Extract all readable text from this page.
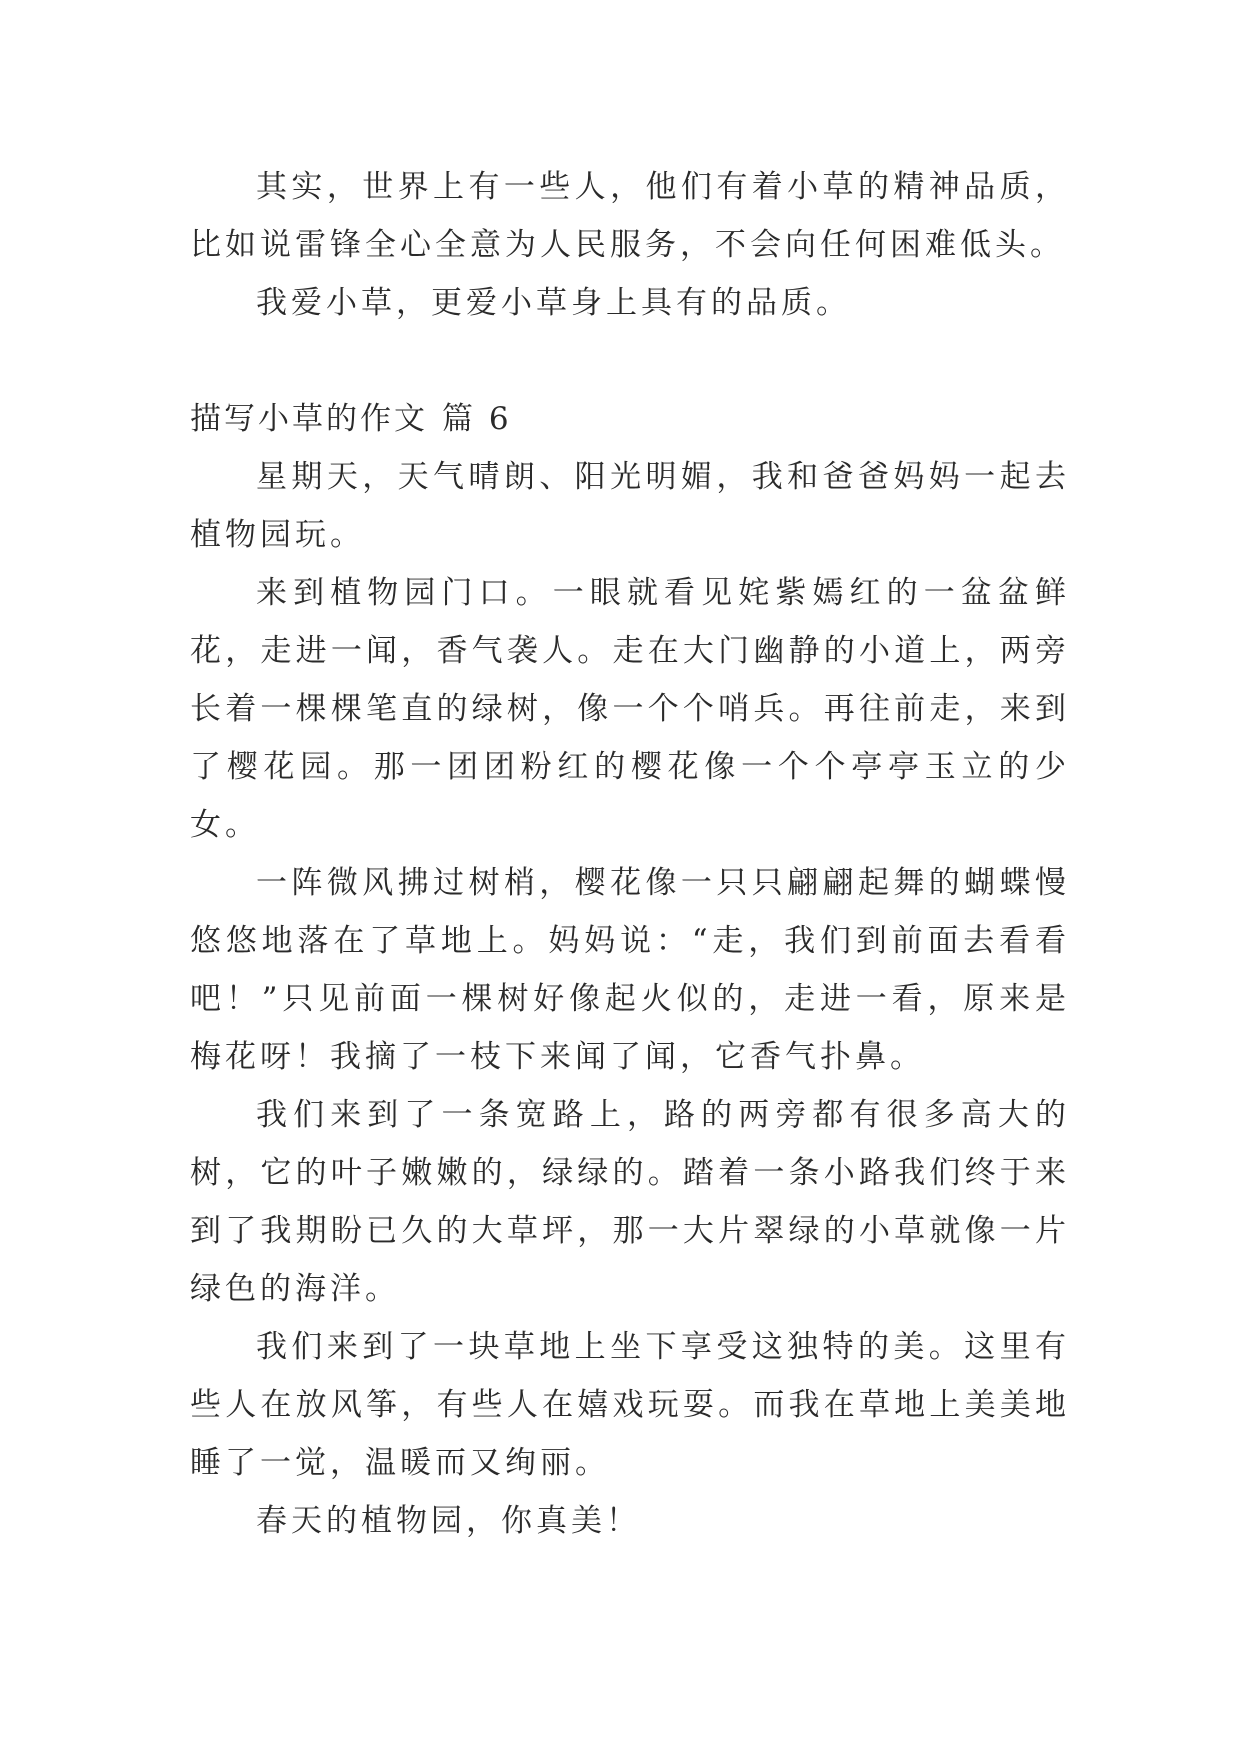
其实，世界上有一些人，他们有着小草的精神品质，比如说雷锋全心全意为人民服务，不会向任何困难低头。

我爱小草，更爱小草身上具有的品质。

描写小草的作文 篇 6

星期天，天气晴朗、阳光明媚，我和爸爸妈妈一起去植物园玩。

来到植物园门口。一眼就看见姹紫嫣红的一盆盆鲜花，走进一闻，香气袭人。走在大门幽静的小道上，两旁长着一棵棵笔直的绿树，像一个个哨兵。再往前走，来到了樱花园。那一团团粉红的樱花像一个个亭亭玉立的少女。

一阵微风拂过树梢，樱花像一只只翩翩起舞的蝴蝶慢悠悠地落在了草地上。妈妈说：“走，我们到前面去看看吧！”只见前面一棵树好像起火似的，走进一看，原来是梅花呀！我摘了一枝下来闻了闻，它香气扑鼻。

我们来到了一条宽路上，路的两旁都有很多高大的树，它的叶子嫩嫩的，绿绿的。踏着一条小路我们终于来到了我期盼已久的大草坪，那一大片翠绿的小草就像一片绿色的海洋。

我们来到了一块草地上坐下享受这独特的美。这里有些人在放风筝，有些人在嬉戏玩耍。而我在草地上美美地睡了一觉，温暖而又绚丽。

春天的植物园，你真美！
